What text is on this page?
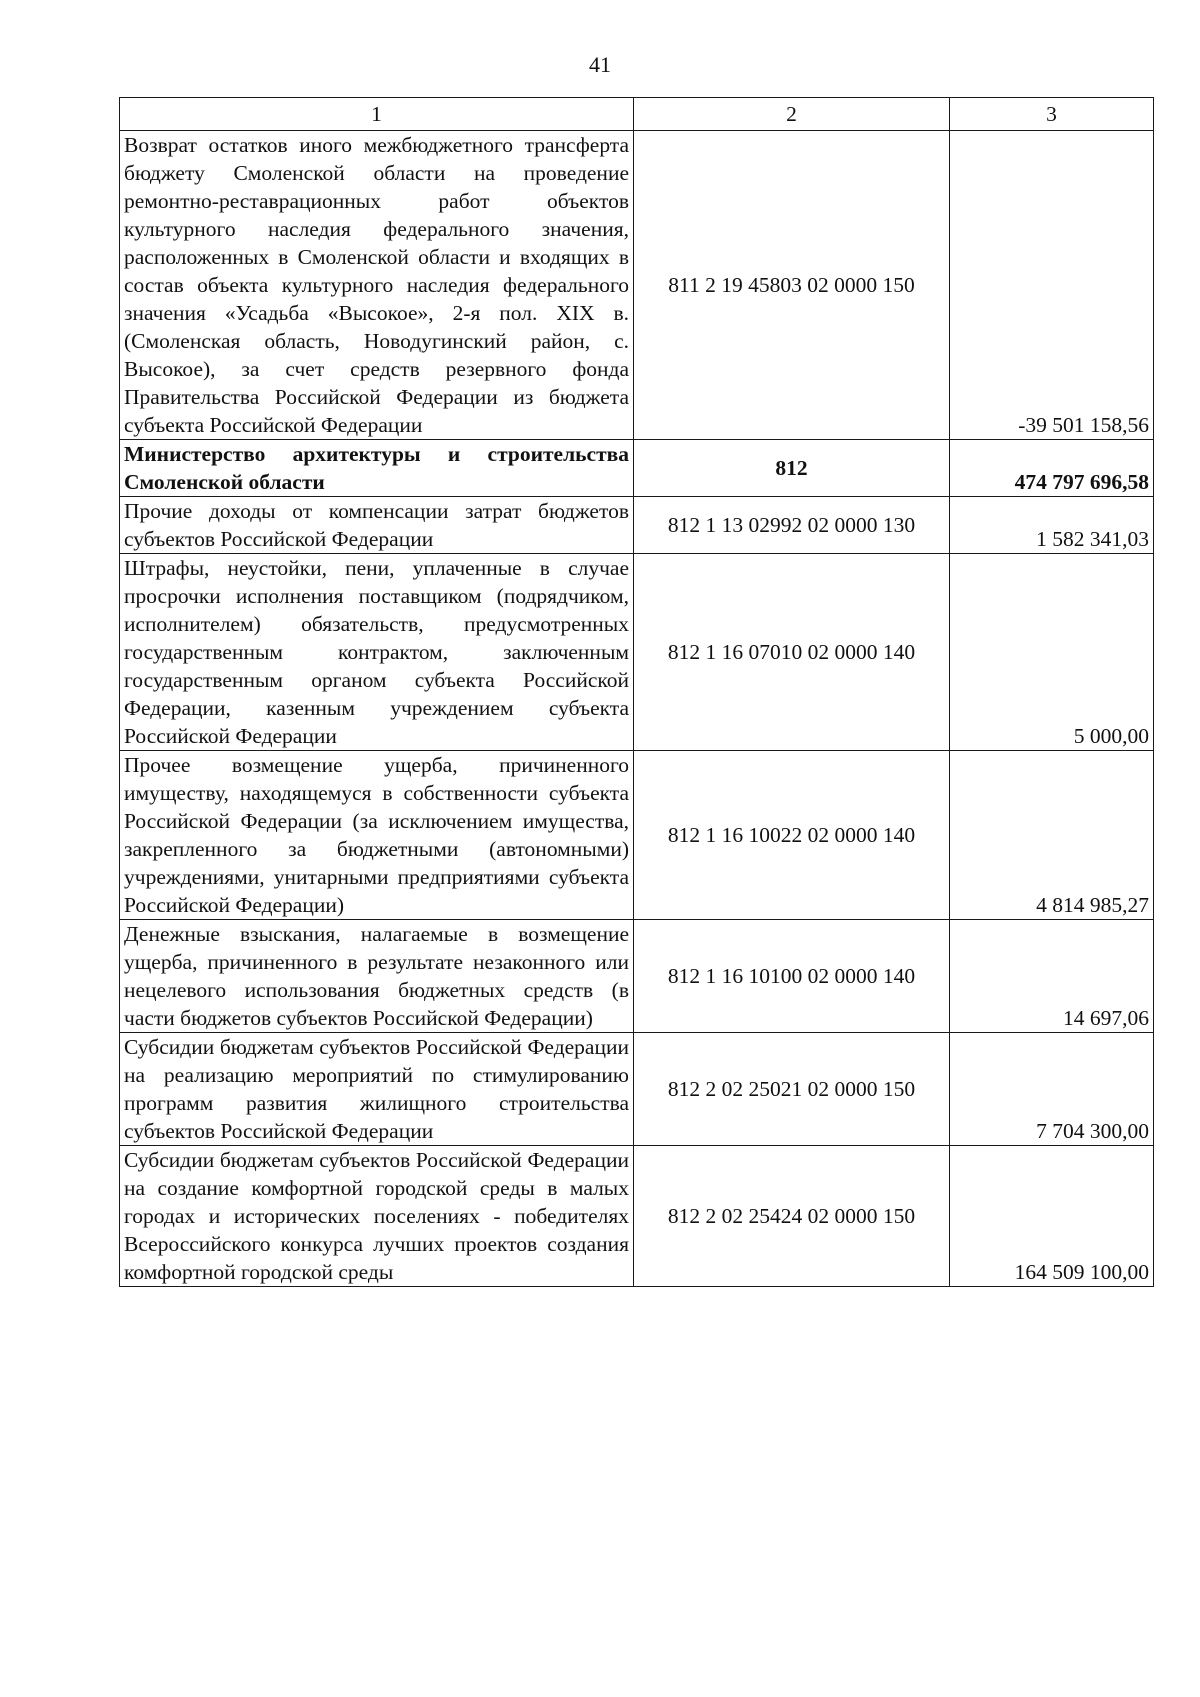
41
1	2	3
Возврат остатков иного межбюджетного трансферта бюджету Смоленской области на проведение ремонтно-реставрационных работ объектов культурного наследия федерального значения, расположенных в Смоленской области и входящих в состав объекта культурного наследия федерального значения «Усадьба «Высокое», 2-я пол. XIX в. (Смоленская область, Новодугинский район, с. Высокое), за счет средств резервного фонда Правительства Российской Федерации из бюджета субъекта Российской Федерации	811 2 19 45803 02 0000 150	-39 501 158,56
Министерство архитектуры и строительства Смоленской области	812	474 797 696,58
Прочие доходы от компенсации затрат бюджетов субъектов Российской Федерации	812 1 13 02992 02 0000 130	1 582 341,03
Штрафы, неустойки, пени, уплаченные в случае просрочки исполнения поставщиком (подрядчиком, исполнителем) обязательств, предусмотренных государственным контрактом, заключенным государственным органом субъекта Российской Федерации, казенным учреждением субъекта Российской Федерации	812 1 16 07010 02 0000 140	5 000,00
Прочее возмещение ущерба, причиненного имуществу, находящемуся в собственности субъекта Российской Федерации (за исключением имущества, закрепленного за бюджетными (автономными) учреждениями, унитарными предприятиями субъекта Российской Федерации)	812 1 16 10022 02 0000 140	4 814 985,27
Денежные взыскания, налагаемые в возмещение ущерба, причиненного в результате незаконного или нецелевого использования бюджетных средств (в части бюджетов субъектов Российской Федерации)	812 1 16 10100 02 0000 140	14 697,06
Субсидии бюджетам субъектов Российской Федерации на реализацию мероприятий по стимулированию программ развития жилищного строительства субъектов Российской Федерации	812 2 02 25021 02 0000 150	7 704 300,00
Субсидии бюджетам субъектов Российской Федерации на создание комфортной городской среды в малых городах и исторических поселениях - победителях Всероссийского конкурса лучших проектов создания комфортной городской среды	812 2 02 25424 02 0000 150	164 509 100,00
